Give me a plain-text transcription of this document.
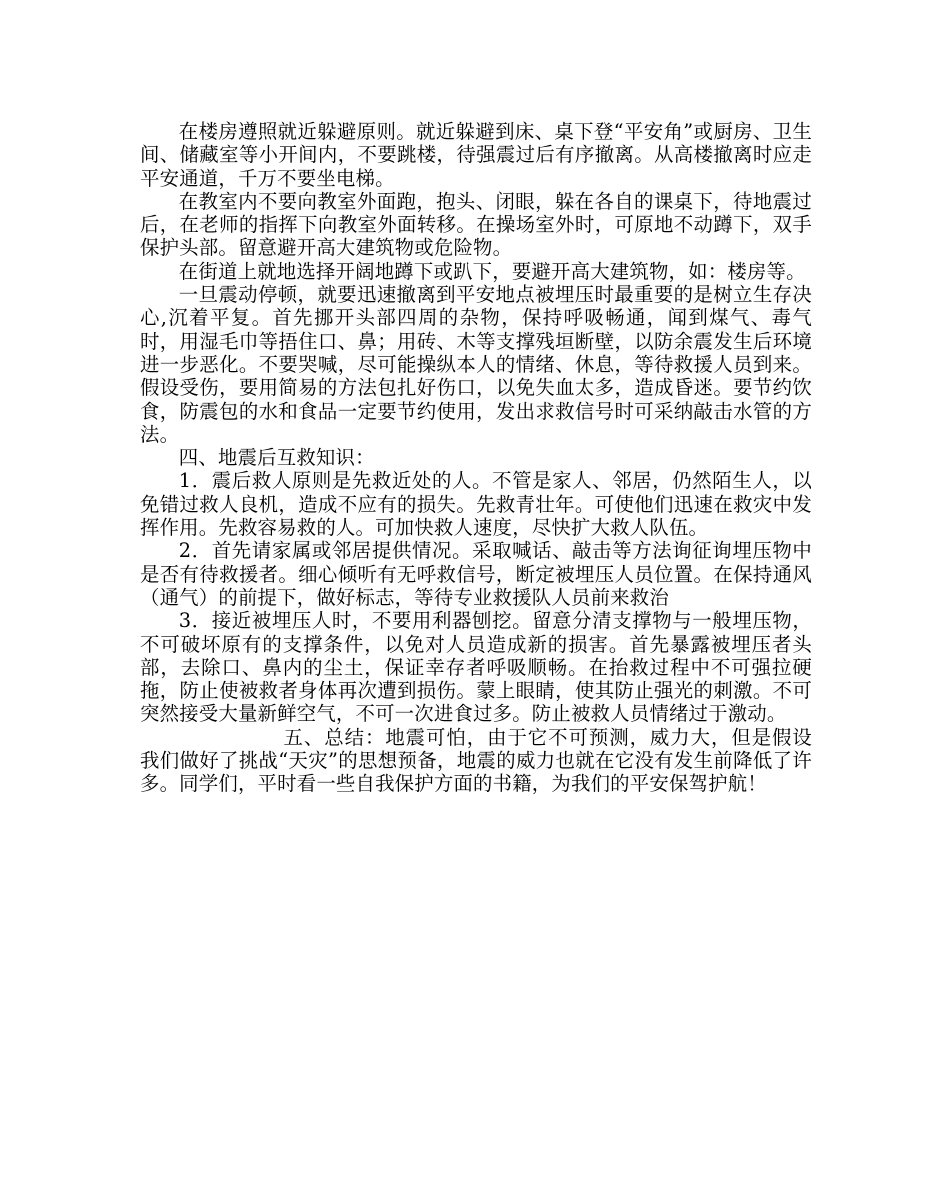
在楼房遵照就近躲避原则。就近躲避到床、桌下登“平安角”或厨房、卫生间、储藏室等小开间内，不要跳楼，待强震过后有序撤离。从高楼撤离时应走平安通道，千万不要坐电梯。

在教室内不要向教室外面跑，抱头、闭眼，躲在各自的课桌下，待地震过后，在老师的指挥下向教室外面转移。在操场室外时，可原地不动蹲下，双手保护头部。留意避开高大建筑物或危险物。

在街道上就地选择开阔地蹲下或趴下，要避开高大建筑物，如：楼房等。

一旦震动停顿，就要迅速撤离到平安地点被埋压时最重要的是树立生存决心,沉着平复。首先挪开头部四周的杂物，保持呼吸畅通，闻到煤气、毒气时，用湿毛巾等捂住口、鼻；用砖、木等支撑残垣断壁，以防余震发生后环境进一步恶化。不要哭喊，尽可能操纵本人的情绪、休息，等待救援人员到来。假设受伤，要用简易的方法包扎好伤口，以免失血太多，造成昏迷。要节约饮食，防震包的水和食品一定要节约使用，发出求救信号时可采纳敲击水管的方法。

四、地震后互救知识：

1．震后救人原则是先救近处的人。不管是家人、邻居，仍然陌生人，以免错过救人良机，造成不应有的损失。先救青壮年。可使他们迅速在救灾中发挥作用。先救容易救的人。可加快救人速度，尽快扩大救人队伍。

2．首先请家属或邻居提供情况。采取喊话、敲击等方法询征询埋压物中是否有待救援者。细心倾听有无呼救信号，断定被埋压人员位置。在保持通风（通气）的前提下，做好标志，等待专业救援队人员前来救治

3．接近被埋压人时，不要用利器刨挖。留意分清支撑物与一般埋压物，不可破坏原有的支撑条件，以免对人员造成新的损害。首先暴露被埋压者头部，去除口、鼻内的尘土，保证幸存者呼吸顺畅。在抬救过程中不可强拉硬拖，防止使被救者身体再次遭到损伤。蒙上眼睛，使其防止强光的刺激。不可突然接受大量新鲜空气，不可一次进食过多。防止被救人员情绪过于激动。

五、总结：地震可怕，由于它不可预测，威力大，但是假设我们做好了挑战“天灾”的思想预备，地震的威力也就在它没有发生前降低了许多。同学们，平时看一些自我保护方面的书籍，为我们的平安保驾护航！
